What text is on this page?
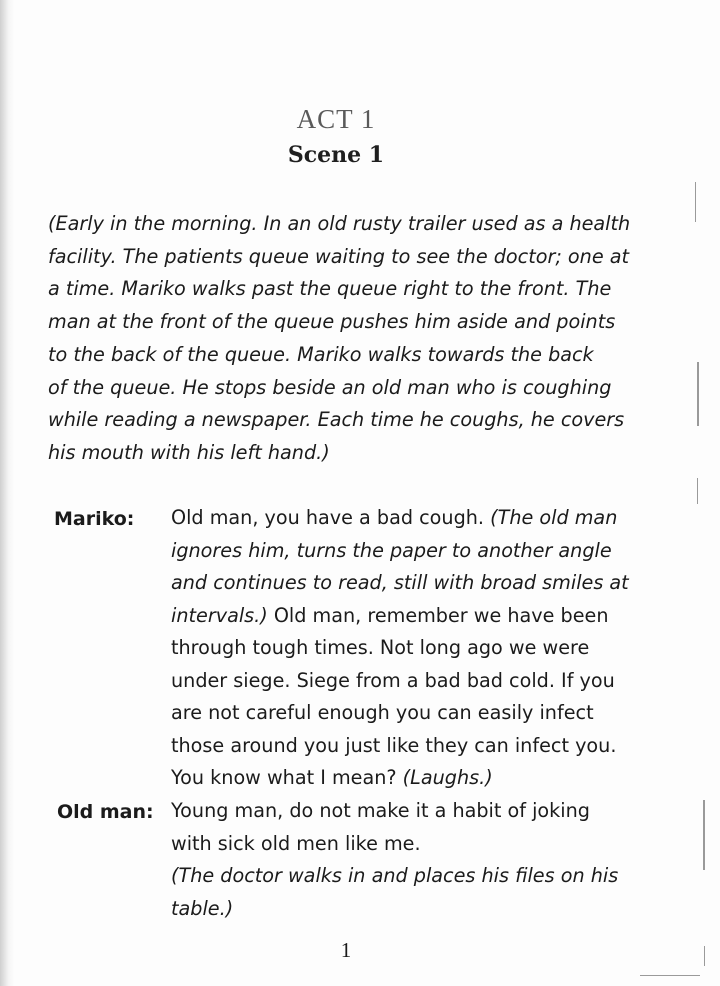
ACT 1
Scene 1

(Early in the morning. In an old rusty trailer used as a health
facility. The patients queue waiting to see the doctor; one at
a time. Mariko walks past the queue right to the front. The
man at the front of the queue pushes him aside and points
to the back of the queue. Mariko walks towards the back
of the queue. He stops beside an old man who is coughing
while reading a newspaper. Each time he coughs, he covers
his mouth with his left hand.)

Mariko: Old man, you have a bad cough. (The old man
ignores him, turns the paper to another angle
and continues to read, still with broad smiles at
intervals.) Old man, remember we have been
through tough times. Not long ago we were
under siege. Siege from a bad bad cold. If you
are not careful enough you can easily infect
those around you just like they can infect you.
You know what I mean? (Laughs.)
Old man: Young man, do not make it a habit of joking
with sick old men like me.
(The doctor walks in and places his files on his
table.)
1
